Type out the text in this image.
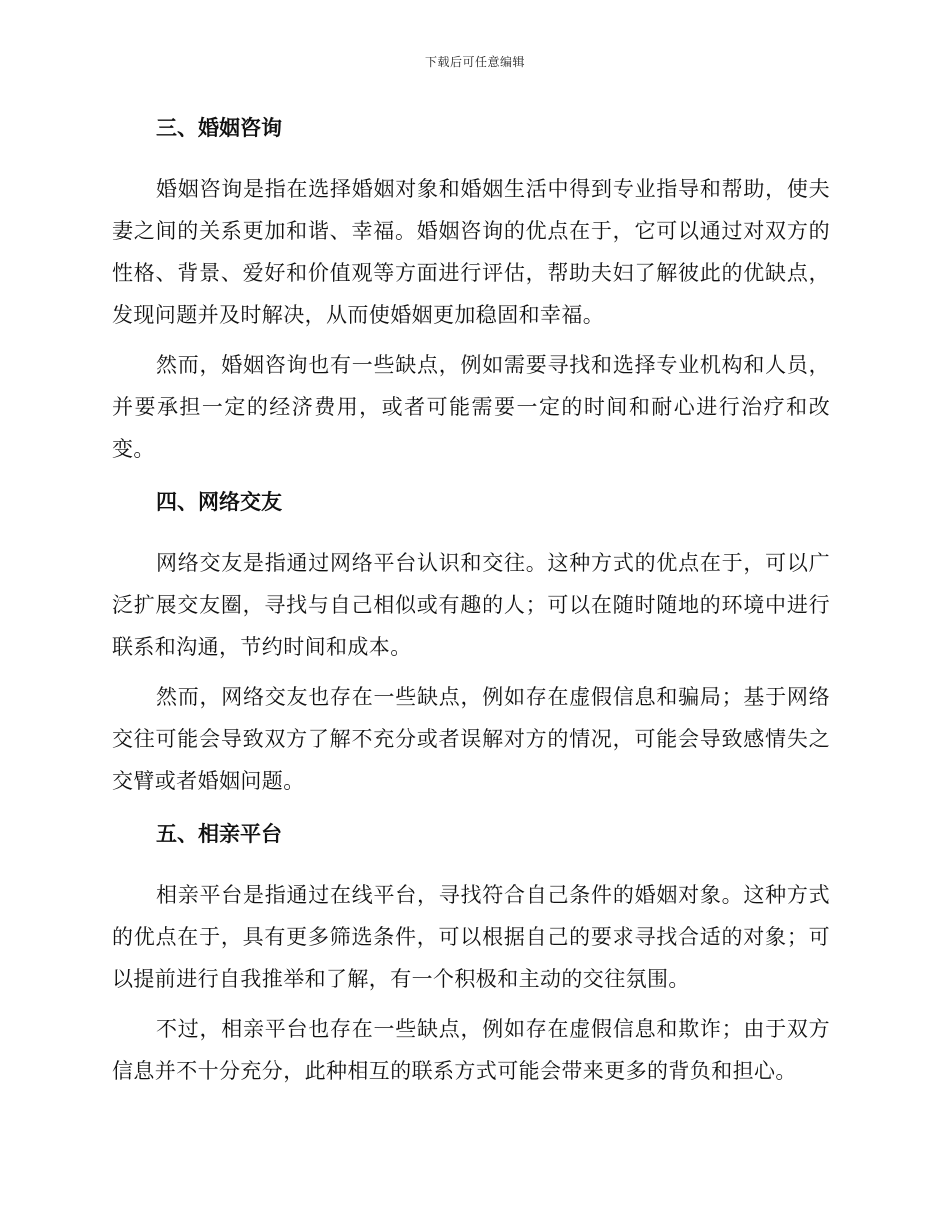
下载后可任意编辑
三、婚姻咨询

婚姻咨询是指在选择婚姻对象和婚姻生活中得到专业指导和帮助，使夫妻之间的关系更加和谐、幸福。婚姻咨询的优点在于，它可以通过对双方的性格、背景、爱好和价值观等方面进行评估，帮助夫妇了解彼此的优缺点，发现问题并及时解决，从而使婚姻更加稳固和幸福。

然而，婚姻咨询也有一些缺点，例如需要寻找和选择专业机构和人员，并要承担一定的经济费用，或者可能需要一定的时间和耐心进行治疗和改变。

四、网络交友

网络交友是指通过网络平台认识和交往。这种方式的优点在于，可以广泛扩展交友圈，寻找与自己相似或有趣的人；可以在随时随地的环境中进行联系和沟通，节约时间和成本。

然而，网络交友也存在一些缺点，例如存在虚假信息和骗局；基于网络交往可能会导致双方了解不充分或者误解对方的情况，可能会导致感情失之交臂或者婚姻问题。

五、相亲平台

相亲平台是指通过在线平台，寻找符合自己条件的婚姻对象。这种方式的优点在于，具有更多筛选条件，可以根据自己的要求寻找合适的对象；可以提前进行自我推举和了解，有一个积极和主动的交往氛围。

不过，相亲平台也存在一些缺点，例如存在虚假信息和欺诈；由于双方信息并不十分充分，此种相互的联系方式可能会带来更多的背负和担心。
